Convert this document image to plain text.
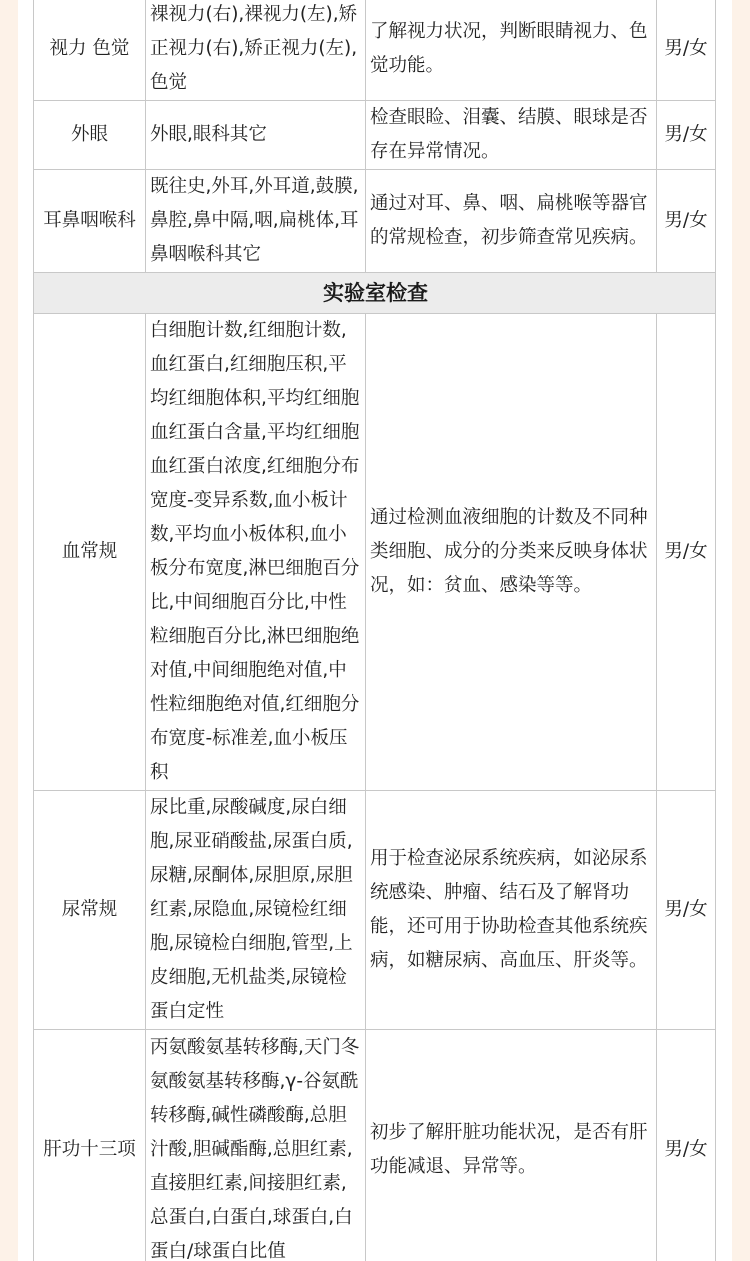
视力 色觉	裸视力(右),裸视力(左),矫正视力(右),矫正视力(左),色觉	了解视力状况，判断眼睛视力、色觉功能。	男/女
外眼	外眼,眼科其它	检查眼睑、泪囊、结膜、眼球是否存在异常情况。	男/女
耳鼻咽喉科	既往史,外耳,外耳道,鼓膜,鼻腔,鼻中隔,咽,扁桃体,耳鼻咽喉科其它	通过对耳、鼻、咽、扁桃喉等器官的常规检查，初步筛查常见疾病。	男/女
实验室检查			
血常规	白细胞计数,红细胞计数,血红蛋白,红细胞压积,平均红细胞体积,平均红细胞血红蛋白含量,平均红细胞血红蛋白浓度,红细胞分布宽度-变异系数,血小板计数,平均血小板体积,血小板分布宽度,淋巴细胞百分比,中间细胞百分比,中性粒细胞百分比,淋巴细胞绝对值,中间细胞绝对值,中性粒细胞绝对值,红细胞分布宽度-标准差,血小板压积	通过检测血液细胞的计数及不同种类细胞、成分的分类来反映身体状况，如：贫血、感染等等。	男/女
尿常规	尿比重,尿酸碱度,尿白细胞,尿亚硝酸盐,尿蛋白质,尿糖,尿酮体,尿胆原,尿胆红素,尿隐血,尿镜检红细胞,尿镜检白细胞,管型,上皮细胞,无机盐类,尿镜检蛋白定性	用于检查泌尿系统疾病，如泌尿系统感染、肿瘤、结石及了解肾功能，还可用于协助检查其他系统疾病，如糖尿病、高血压、肝炎等。	男/女
肝功十三项	丙氨酸氨基转移酶,天门冬氨酸氨基转移酶,γ-谷氨酰转移酶,碱性磷酸酶,总胆汁酸,胆碱酯酶,总胆红素,直接胆红素,间接胆红素,总蛋白,白蛋白,球蛋白,白蛋白/球蛋白比值	初步了解肝脏功能状况，是否有肝功能减退、异常等。	男/女
